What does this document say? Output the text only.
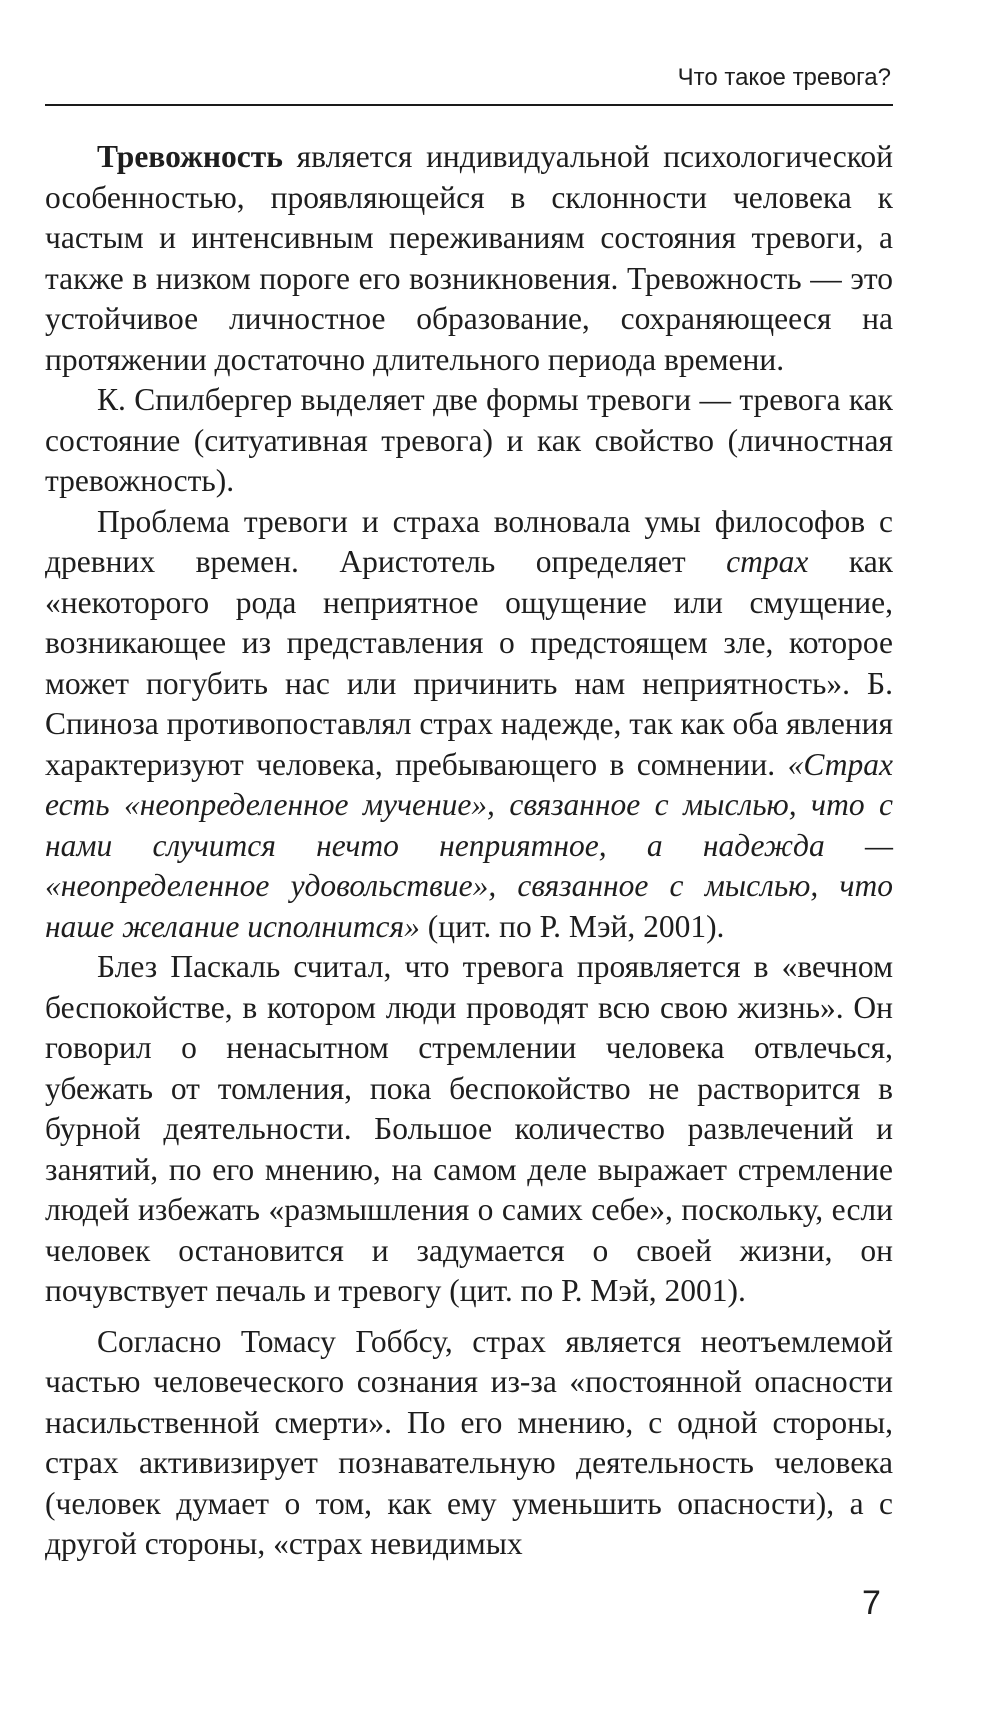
Что такое тревога?

Тревожность является индивидуальной психологической особенностью, проявляющейся в склонности человека к частым и интенсивным переживаниям состояния тревоги, а также в низком пороге его возникновения. Тревожность — это устойчивое личностное образование, сохраняющееся на протяжении достаточно длительного периода времени.

К. Спилбергер выделяет две формы тревоги — тревога как состояние (ситуативная тревога) и как свойство (личностная тревожность).

Проблема тревоги и страха волновала умы философов с древних времен. Аристотель определяет страх как «некоторого рода неприятное ощущение или смущение, возникающее из представления о предстоящем зле, которое может погубить нас или причинить нам неприятность». Б. Спиноза противопоставлял страх надежде, так как оба явления характеризуют человека, пребывающего в сомнении. «Страх есть «неопределенное мучение», связанное с мыслью, что с нами случится нечто неприятное, а надежда — «неопределенное удовольствие», связанное с мыслью, что наше желание исполнится» (цит. по Р. Мэй, 2001).

Блез Паскаль считал, что тревога проявляется в «вечном беспокойстве, в котором люди проводят всю свою жизнь». Он говорил о ненасытном стремлении человека отвлечься, убежать от томления, пока беспокойство не растворится в бурной деятельности. Большое количество развлечений и занятий, по его мнению, на самом деле выражает стремление людей избежать «размышления о самих себе», поскольку, если человек остановится и задумается о своей жизни, он почувствует печаль и тревогу (цит. по Р. Мэй, 2001).

Согласно Томасу Гоббсу, страх является неотъемлемой частью человеческого сознания из-за «постоянной опасности насильственной смерти». По его мнению, с одной стороны, страх активизирует познавательную деятельность человека (человек думает о том, как ему уменьшить опасности), а с другой стороны, «страх невидимых

7
